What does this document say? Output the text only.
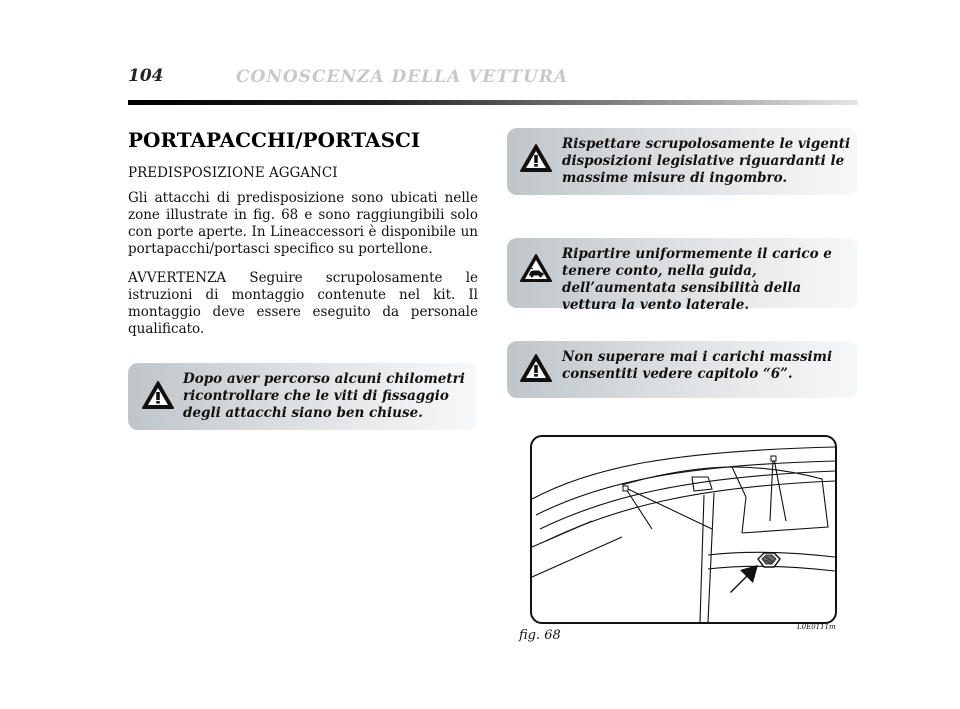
104	CONOSCENZA DELLA VETTURA
PORTAPACCHI/PORTASCI
PREDISPOSIZIONE AGGANCI
Gli attacchi di predisposizione sono ubicati nelle zone illustrate in fig. 68 e sono raggiungibili solo con porte aperte. In Lineaccessori è disponibile un portapacchi/portasci specifico su portellone.
AVVERTENZA Seguire scrupolosamente le istruzioni di montaggio contenute nel kit. Il montaggio deve essere eseguito da personale qualificato.
Dopo aver percorso alcuni chilometri ricontrollare che le viti di fissaggio degli attacchi siano ben chiuse.
Rispettare scrupolosamente le vigenti disposizioni legislative riguardanti le massime misure di ingombro.
Ripartire uniformemente il carico e tenere conto, nella guida, dell’aumentata sensibilità della vettura la vento laterale.
Non superare mai i carichi massimi consentiti vedere capitolo “6”.
fig. 68
L0E0111m
